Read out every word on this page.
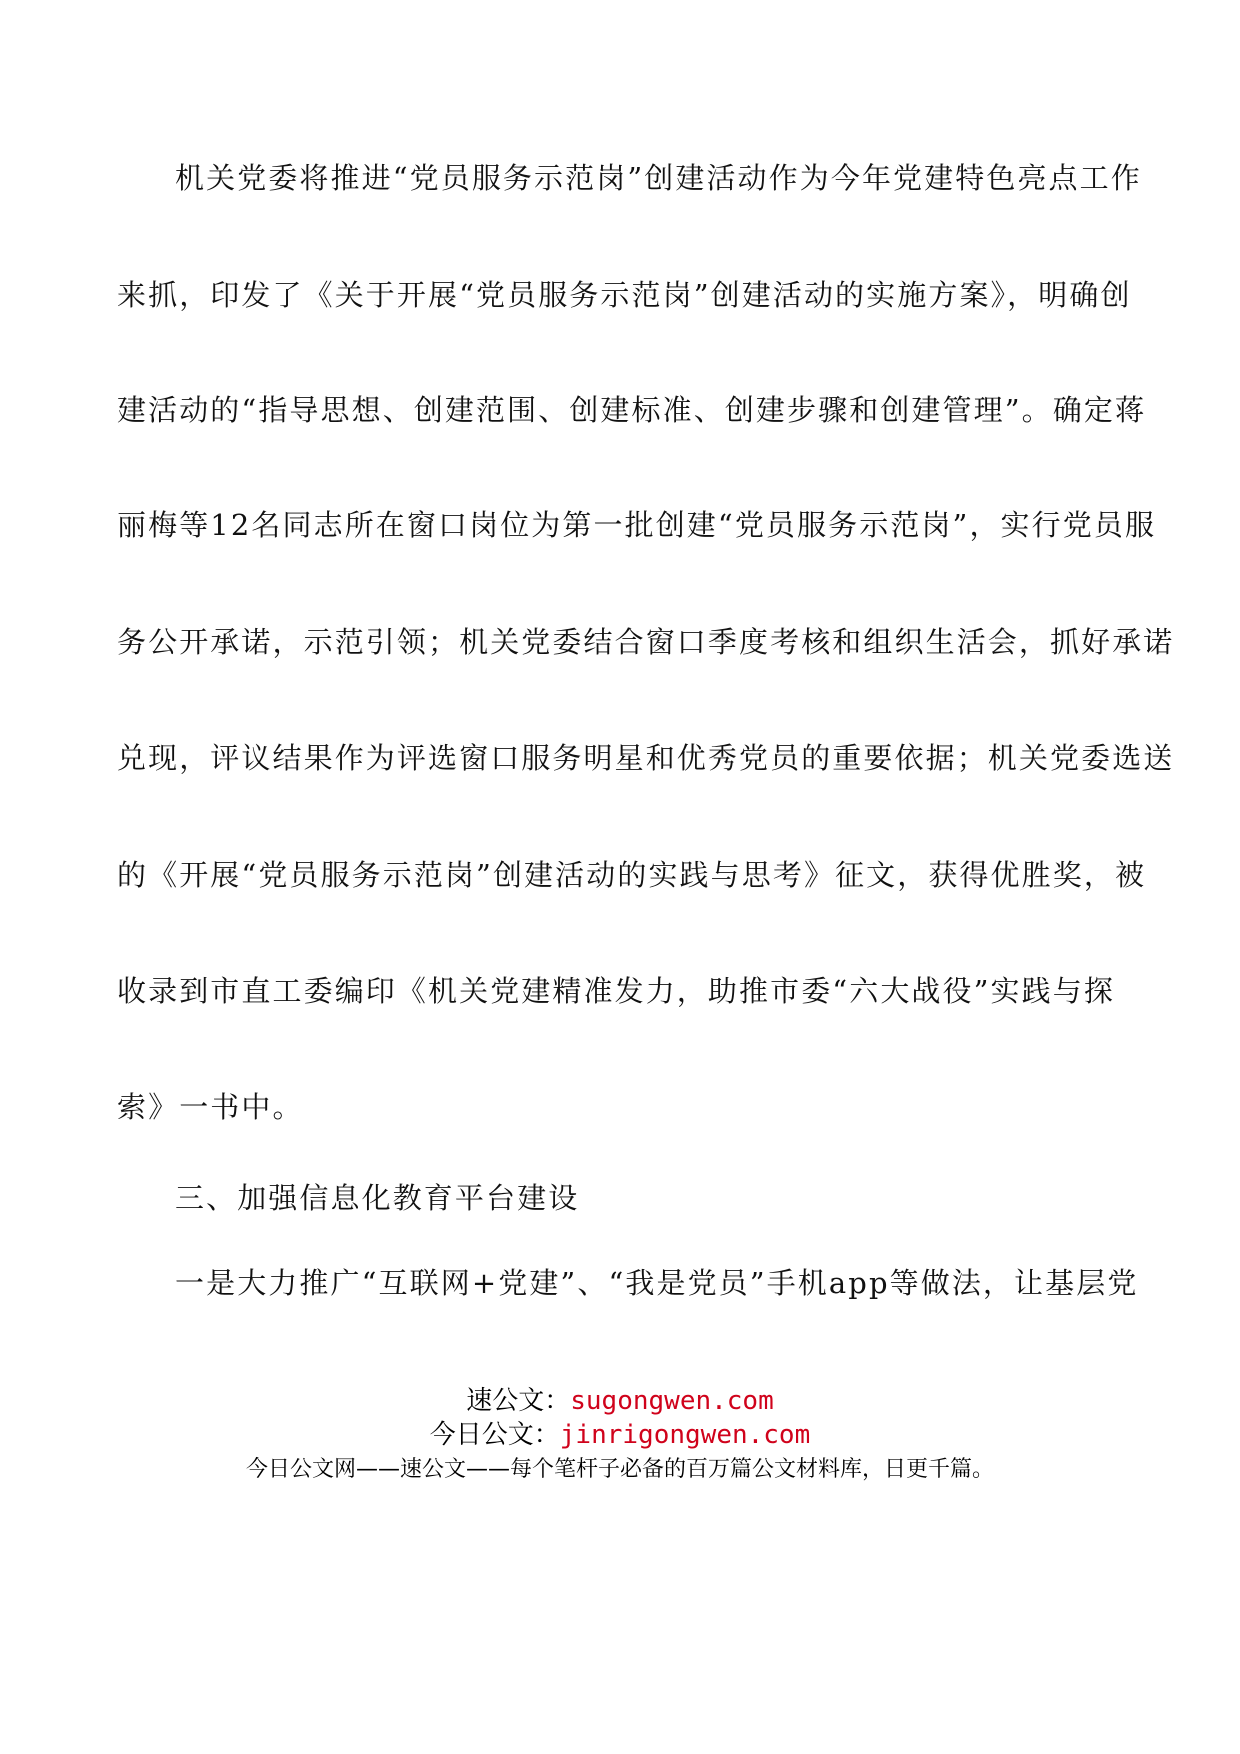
机关党委将推进“党员服务示范岗”创建活动作为今年党建特色亮点工作
来抓，印发了《关于开展“党员服务示范岗”创建活动的实施方案》，明确创
建活动的“指导思想、创建范围、创建标准、创建步骤和创建管理”。确定蒋
丽梅等12名同志所在窗口岗位为第一批创建“党员服务示范岗”，实行党员服
务公开承诺，示范引领；机关党委结合窗口季度考核和组织生活会，抓好承诺
兑现，评议结果作为评选窗口服务明星和优秀党员的重要依据；机关党委选送
的《开展“党员服务示范岗”创建活动的实践与思考》征文，获得优胜奖，被
收录到市直工委编印《机关党建精准发力，助推市委“六大战役”实践与探
索》一书中。
三、加强信息化教育平台建设
一是大力推广“互联网+党建”、“我是党员”手机app等做法，让基层党
速公文：sugongwen.com
今日公文：jinrigongwen.com
今日公文网——速公文——每个笔杆子必备的百万篇公文材料库，日更千篇。
